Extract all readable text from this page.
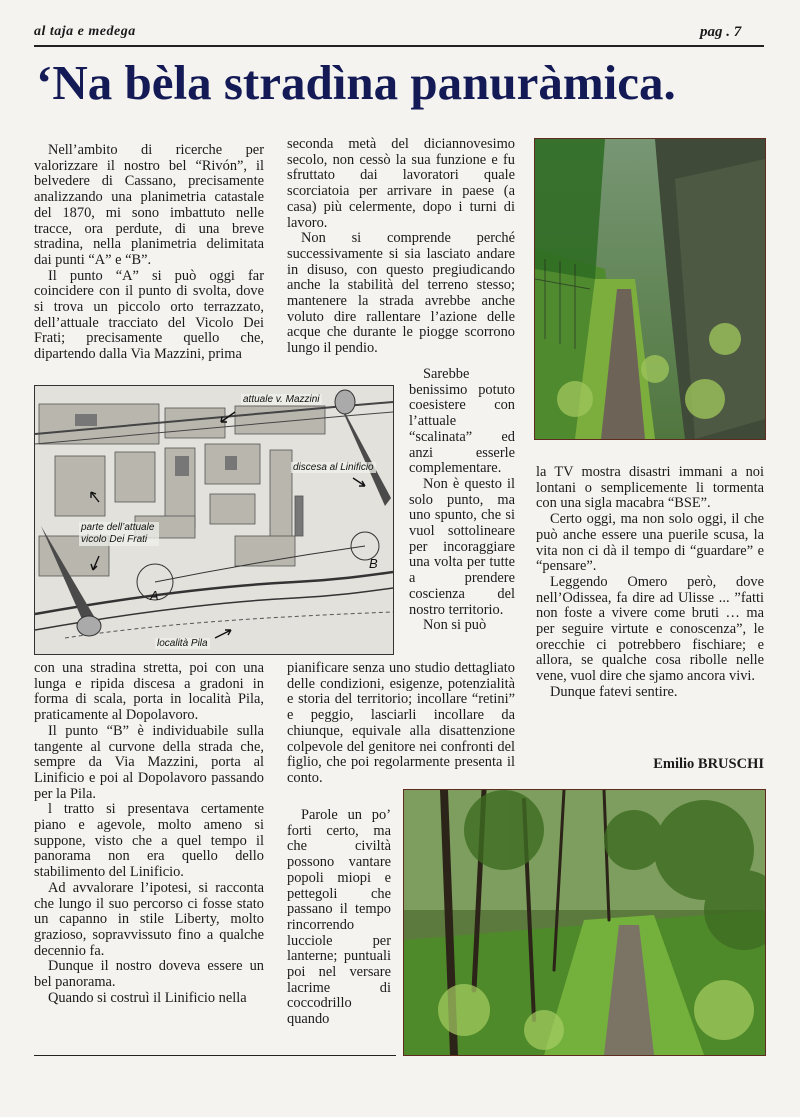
al taja e medega	pag . 7
‘Na bèla stradìna panuràmica.

Nell’ambito di ricerche per valorizzare il nostro bel “Rivón”, il belvedere di Cassano, precisamente analizzando una planimetria catastale del 1870, mi sono imbattuto nelle tracce, ora perdute, di una breve stradina, nella planimetria delimitata dai punti “A” e “B”.

Il punto “A” si può oggi far coincidere con il punto di svolta, dove si trova un piccolo orto terrazzato, dell’attuale tracciato del Vicolo Dei Frati; precisamente quello che, dipartendo dalla Via Mazzini, prima

seconda metà del diciannovesimo secolo, non cessò la sua funzione e fu sfruttato dai lavoratori quale scorciatoia per arrivare in paese (a casa) più celermente, dopo i turni di lavoro.

Non si comprende perché successivamente si sia lasciato andare in disuso, con questo pregiudicando anche la stabilità del terreno stesso; mantenere la strada avrebbe anche voluto dire rallentare l’azione delle acque che durante le piogge scorrono lungo il pendio.

attuale v. Mazzini
discesa al Linificio
parte dell’attuale vicolo Dei Frati
località Pila
A
B

Sarebbe benissimo potuto coesistere con l’attuale “scalinata” ed anzi esserle complementare.

Non è questo il solo punto, ma uno spunto, che si vuol sottolineare per incoraggiare una volta per tutte a prendere coscienza del nostro territorio.

Non si può

con una stradina stretta, poi con una lunga e ripida discesa a gradoni in forma di scala, porta in località Pila, praticamente al Dopolavoro.

Il punto “B” è individuabile sulla tangente al curvone della strada che, sempre da Via Mazzini, porta al Linificio e poi al Dopolavoro passando per la Pila.

l tratto si presentava certamente piano e agevole, molto ameno si suppone, visto che a quel tempo il panorama non era quello dello stabilimento del Linificio.

Ad avvalorare l’ipotesi, si racconta che lungo il suo percorso ci fosse stato un capanno in stile Liberty, molto grazioso, sopravvissuto fino a qualche decennio fa.

Dunque il nostro doveva essere un bel panorama.

Quando si costruì il Linificio nella

pianificare senza uno studio dettagliato delle condizioni, esigenze, potenzialità e storia del territorio; incollare “retini” e peggio, lasciarli incollare da chiunque, equivale alla disattenzione colpevole del genitore nei confronti del figlio, che poi regolarmente presenta il conto.

Parole un po’ forti certo, ma che civiltà possono vantare popoli miopi e pettegoli che passano il tempo rincorrendo lucciole per lanterne; puntuali poi nel versare lacrime di coccodrillo quando

la TV mostra disastri immani a noi lontani o semplicemente li tormenta con una sigla macabra “BSE”.

Certo oggi, ma non solo oggi, il che può anche essere una puerile scusa, la vita non ci dà il tempo di “guardare” e “pensare”.

Leggendo Omero però, dove nell’Odissea, fa dire ad Ulisse ... ”fatti non foste a vivere come bruti … ma per seguire virtute e conoscenza”, le orecchie ci potrebbero fischiare; e allora, se qualche cosa ribolle nelle vene, vuol dire che sjamo ancora vivi.

Dunque fatevi sentire.

Emilio BRUSCHI
